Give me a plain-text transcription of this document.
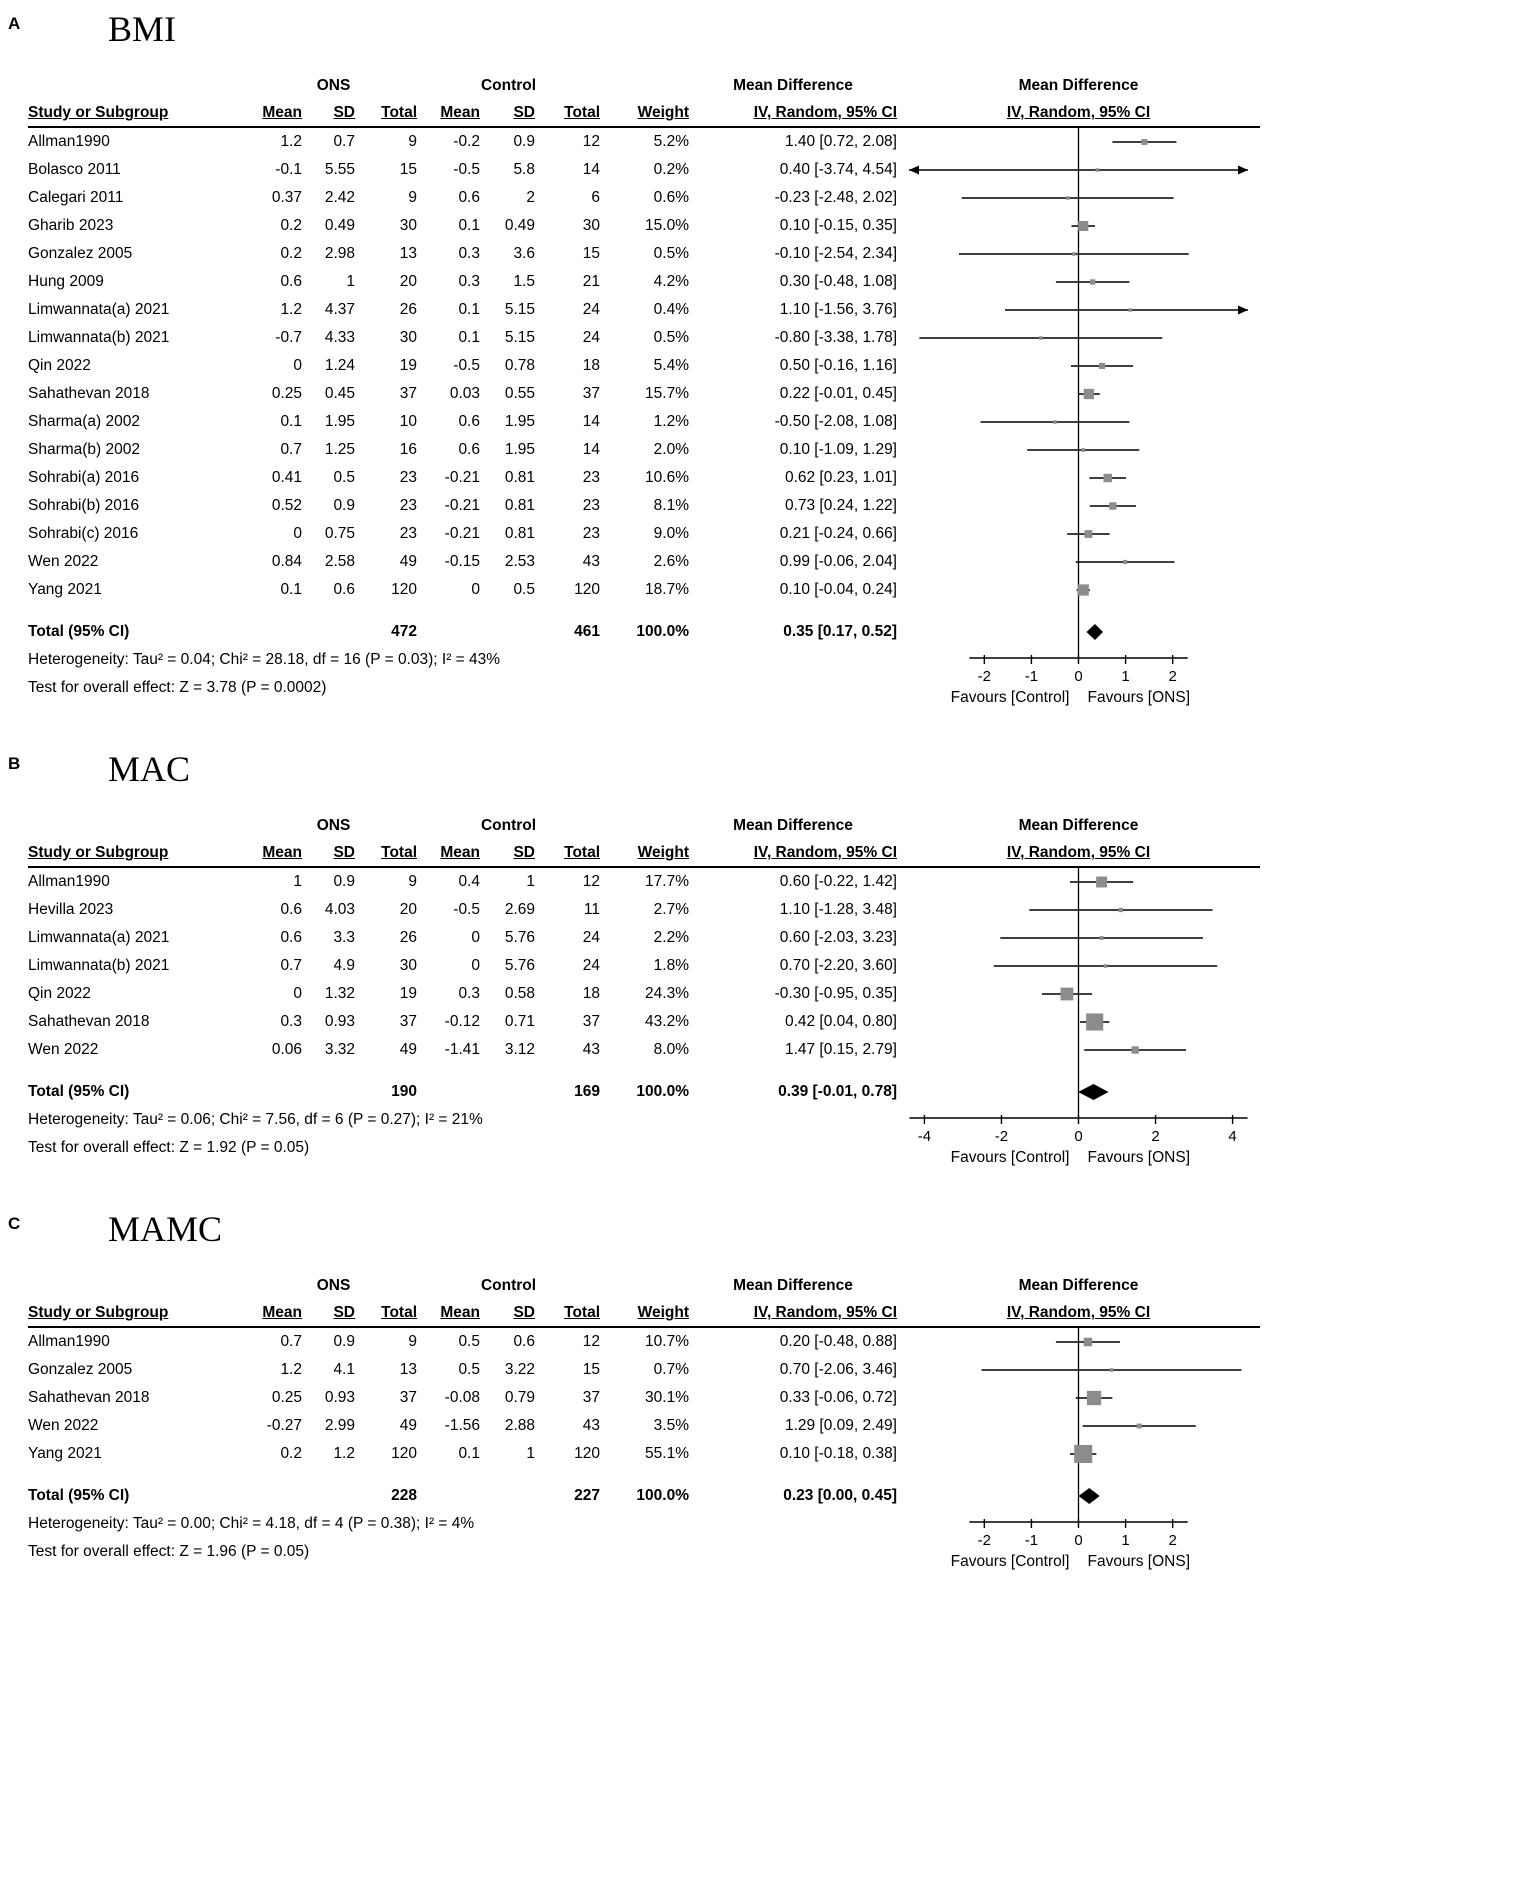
A BMI
ONS	Control	Mean Difference	Mean Difference
Study or Subgroup	Mean	SD	Total	Mean	SD	Total	Weight	IV, Random, 95% CI	IV, Random, 95% CI
Allman1990	1.2	0.7	9	-0.2	0.9	12	5.2%	1.40 [0.72, 2.08]
Bolasco 2011	-0.1	5.55	15	-0.5	5.8	14	0.2%	0.40 [-3.74, 4.54]
Calegari 2011	0.37	2.42	9	0.6	2	6	0.6%	-0.23 [-2.48, 2.02]
Gharib 2023	0.2	0.49	30	0.1	0.49	30	15.0%	0.10 [-0.15, 0.35]
Gonzalez 2005	0.2	2.98	13	0.3	3.6	15	0.5%	-0.10 [-2.54, 2.34]
Hung 2009	0.6	1	20	0.3	1.5	21	4.2%	0.30 [-0.48, 1.08]
Limwannata(a) 2021	1.2	4.37	26	0.1	5.15	24	0.4%	1.10 [-1.56, 3.76]
Limwannata(b) 2021	-0.7	4.33	30	0.1	5.15	24	0.5%	-0.80 [-3.38, 1.78]
Qin 2022	0	1.24	19	-0.5	0.78	18	5.4%	0.50 [-0.16, 1.16]
Sahathevan 2018	0.25	0.45	37	0.03	0.55	37	15.7%	0.22 [-0.01, 0.45]
Sharma(a) 2002	0.1	1.95	10	0.6	1.95	14	1.2%	-0.50 [-2.08, 1.08]
Sharma(b) 2002	0.7	1.25	16	0.6	1.95	14	2.0%	0.10 [-1.09, 1.29]
Sohrabi(a) 2016	0.41	0.5	23	-0.21	0.81	23	10.6%	0.62 [0.23, 1.01]
Sohrabi(b) 2016	0.52	0.9	23	-0.21	0.81	23	8.1%	0.73 [0.24, 1.22]
Sohrabi(c) 2016	0	0.75	23	-0.21	0.81	23	9.0%	0.21 [-0.24, 0.66]
Wen 2022	0.84	2.58	49	-0.15	2.53	43	2.6%	0.99 [-0.06, 2.04]
Yang 2021	0.1	0.6	120	0	0.5	120	18.7%	0.10 [-0.04, 0.24]
Total (95% CI)	472	461	100.0%	0.35 [0.17, 0.52]
Heterogeneity: Tau² = 0.04; Chi² = 28.18, df = 16 (P = 0.03); I² = 43%
Test for overall effect: Z = 3.78 (P = 0.0002)
-2 -1 0	1	2
Favours [Control] Favours [ONS]
B MAC
ONS	Control	Mean Difference	Mean Difference
Study or Subgroup	Mean	SD	Total	Mean	SD	Total	Weight	IV, Random, 95% CI	IV, Random, 95% CI
Allman1990	1	0.9	9	0.4	1	12	17.7%	0.60 [-0.22, 1.42]
Hevilla 2023	0.6	4.03	20	-0.5	2.69	11	2.7%	1.10 [-1.28, 3.48]
Limwannata(a) 2021	0.6	3.3	26	0	5.76	24	2.2%	0.60 [-2.03, 3.23]
Limwannata(b) 2021	0.7	4.9	30	0	5.76	24	1.8%	0.70 [-2.20, 3.60]
Qin 2022	0	1.32	19	0.3	0.58	18	24.3%	-0.30 [-0.95, 0.35]
Sahathevan 2018	0.3	0.93	37	-0.12	0.71	37	43.2%	0.42 [0.04, 0.80]
Wen 2022	0.06	3.32	49	-1.41	3.12	43	8.0%	1.47 [0.15, 2.79]
Total (95% CI)	190	169	100.0%	0.39 [-0.01, 0.78]
Heterogeneity: Tau² = 0.06; Chi² = 7.56, df = 6 (P = 0.27); I² = 21%
Test for overall effect: Z = 1.92 (P = 0.05)
-4	-2	0	2	4
Favours [Control] Favours [ONS]
C MAMC
ONS	Control	Mean Difference	Mean Difference
Study or Subgroup	Mean	SD	Total	Mean	SD	Total	Weight	IV, Random, 95% CI	IV, Random, 95% CI
Allman1990	0.7	0.9	9	0.5	0.6	12	10.7%	0.20 [-0.48, 0.88]
Gonzalez 2005	1.2	4.1	13	0.5	3.22	15	0.7%	0.70 [-2.06, 3.46]
Sahathevan 2018	0.25	0.93	37	-0.08	0.79	37	30.1%	0.33 [-0.06, 0.72]
Wen 2022	-0.27	2.99	49	-1.56	2.88	43	3.5%	1.29 [0.09, 2.49]
Yang 2021	0.2	1.2	120	0.1	1	120	55.1%	0.10 [-0.18, 0.38]
Total (95% CI)	228	227	100.0%	0.23 [0.00, 0.45]
Heterogeneity: Tau² = 0.00; Chi² = 4.18, df = 4 (P = 0.38); I² = 4%
Test for overall effect: Z = 1.96 (P = 0.05)
-2 -1 0	1	2
Favours [Control] Favours [ONS]
